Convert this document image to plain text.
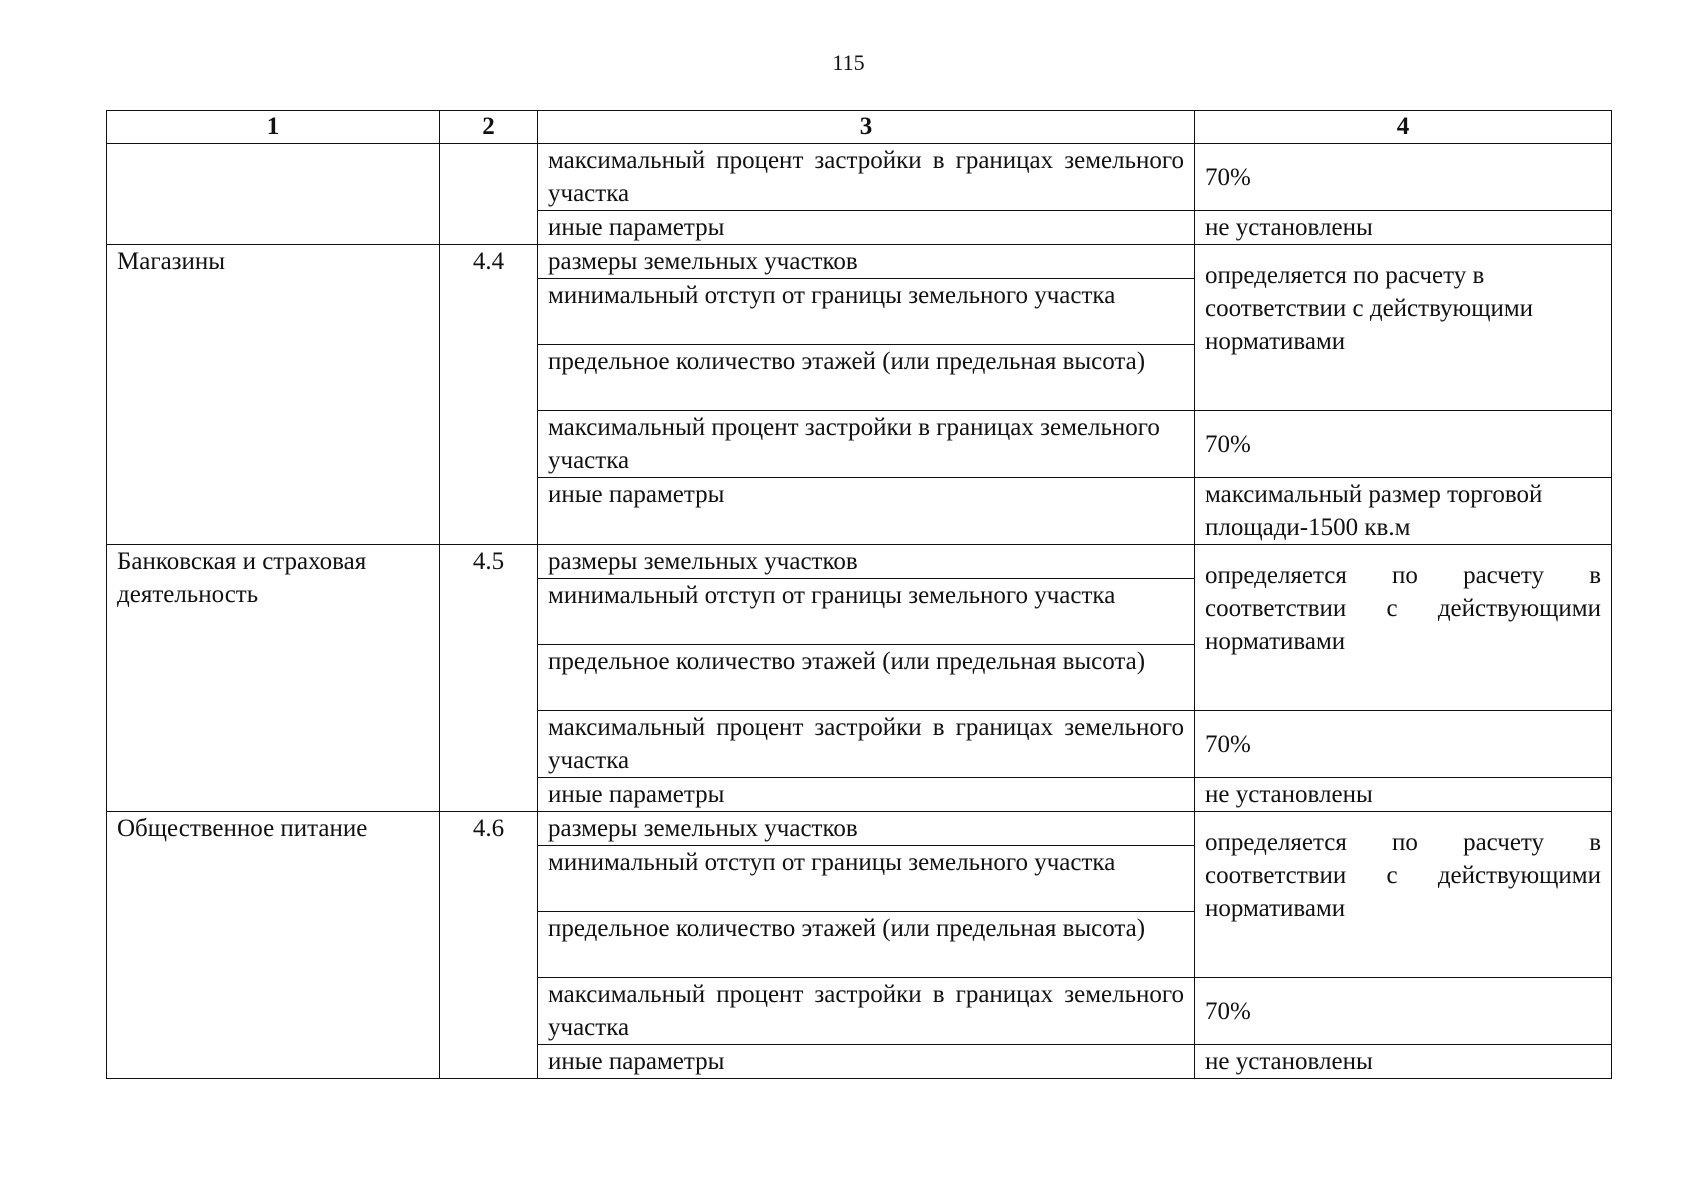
115
1	2	3	4
		максимальный процент застройки в границах земельного участка	70%
		иные параметры	не установлены
Магазины	4.4	размеры земельных участков	определяется по расчету в соответствии с действующими нормативами

		минимальный отступ от границы земельного участка	
		предельное количество этажей (или предельная высота)	
		максимальный процент застройки в границах земельного участка	70%
		иные параметры	максимальный размер торговой площади-1500 кв.м
Банковская и страховая деятельность	4.5	размеры земельных участков	определяется по расчету в соответствии с действующими нормативами

		минимальный отступ от границы земельного участка	
		предельное количество этажей (или предельная высота)	
		максимальный процент застройки в границах земельного участка	70%
		иные параметры	не установлены
Общественное питание	4.6	размеры земельных участков	определяется по расчету в соответствии с действующими нормативами

		минимальный отступ от границы земельного участка	
		предельное количество этажей (или предельная высота)	
		максимальный процент застройки в границах земельного участка	70%
		иные параметры	не установлены
